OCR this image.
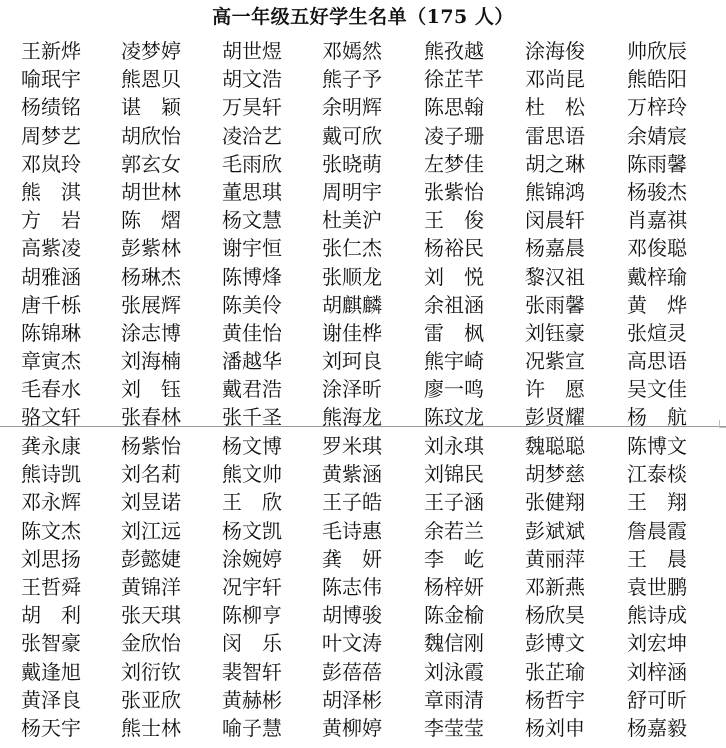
高一年级五好学生名单（175 人）
王新烨	凌梦婷	胡世煜	邓嫣然	熊孜越	涂海俊	帅欣辰
喻珉宇	熊恩贝	胡文浩	熊子予	徐芷芊	邓尚昆	熊皓阳
杨绩铭	谌　颖	万昊轩	余明辉	陈思翰	杜　松	万梓玲
周梦艺	胡欣怡	凌洽艺	戴可欣	凌子珊	雷思语	余婧宸
邓岚玲	郭玄女	毛雨欣	张晓萌	左梦佳	胡之琳	陈雨馨
熊　淇	胡世林	董思琪	周明宇	张紫怡	熊锦鸿	杨骏杰
方　岩	陈　熠	杨文慧	杜美沪	王　俊	闵晨轩	肖嘉祺
高紫凌	彭紫林	谢宇恒	张仁杰	杨裕民	杨嘉晨	邓俊聪
胡雅涵	杨琳杰	陈博烽	张顺龙	刘　悦	黎汉祖	戴梓瑜
唐千栎	张展辉	陈美伶	胡麒麟	余祖涵	张雨馨	黄　烨
陈锦琳	涂志博	黄佳怡	谢佳桦	雷　枫	刘钰豪	张煊灵
章寅杰	刘海楠	潘越华	刘珂良	熊宇崎	况紫宣	高思语
毛春水	刘　钰	戴君浩	涂泽昕	廖一鸣	许　愿	吴文佳
骆文轩	张春林	张千圣	熊海龙	陈玟龙	彭贤耀	杨　航
龚永康	杨紫怡	杨文博	罗米琪	刘永琪	魏聪聪	陈博文
熊诗凯	刘名莉	熊文帅	黄紫涵	刘锦民	胡梦慈	江泰棪
邓永辉	刘昱诺	王　欣	王子皓	王子涵	张健翔	王　翔
陈文杰	刘江远	杨文凯	毛诗惠	余若兰	彭斌斌	詹晨霞
刘思扬	彭懿婕	涂婉婷	龚　妍	李　屹	黄丽萍	王　晨
王哲舜	黄锦洋	况宇轩	陈志伟	杨梓妍	邓新燕	袁世鹏
胡　利	张天琪	陈柳亨	胡博骏	陈金榆	杨欣昊	熊诗成
张智豪	金欣怡	闵　乐	叶文涛	魏信刚	彭博文	刘宏坤
戴逢旭	刘衍钦	裴智轩	彭蓓蓓	刘泳霞	张芷瑜	刘梓涵
黄泽良	张亚欣	黄赫彬	胡泽彬	章雨清	杨哲宇	舒可昕
杨天宇	熊士林	喻子慧	黄柳婷	李莹莹	杨刘申	杨嘉毅
